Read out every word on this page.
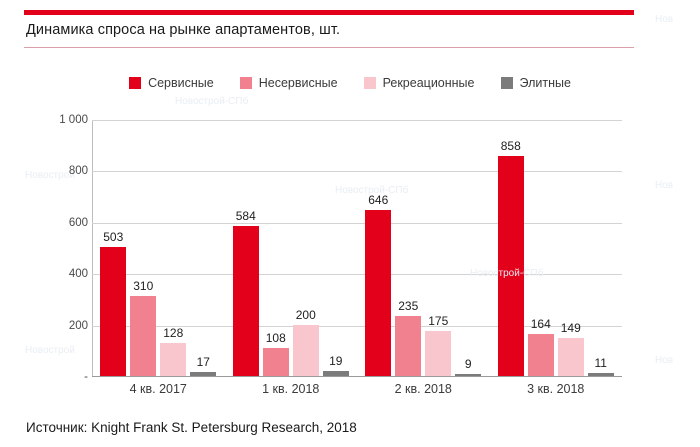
Динамика спроса на рынке апартаментов, шт.
Сервисные	Несервисные	Рекреационные	Элитные
503
310
128
17
584
108
200
19
646
235
175
9
858
164 149
11
Источник: Knight Frank St. Petersburg Research, 2018
Нов
Новострой-СПб
Новострой
Новострой-СПб	Нов
Новострой-СПб
Новострой
Нов
-
200
400
600
800
1 000
4 кв. 2017	1 кв. 2018	2 кв. 2018	3 кв. 2018
